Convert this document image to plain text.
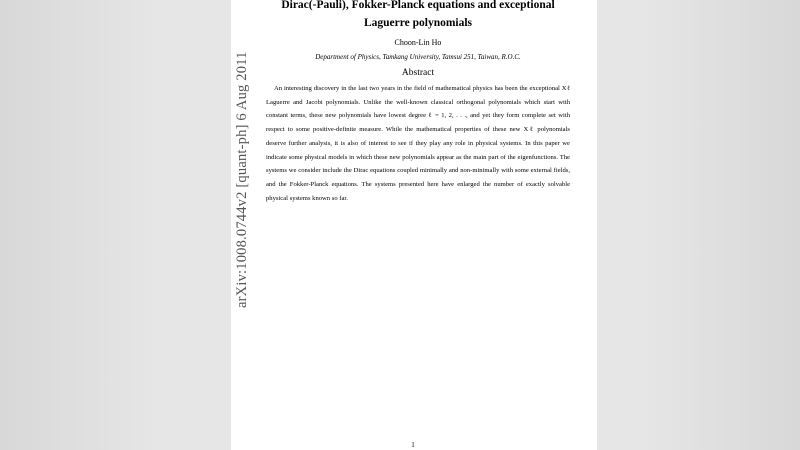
arXiv:1008.0744v2 [quant-ph] 6 Aug 2011
Dirac(-Pauli), Fokker-Planck equations and exceptional Laguerre polynomials
Choon-Lin Ho
Department of Physics, Tamkang University, Tamsui 251, Taiwan, R.O.C.
Abstract

An interesting discovery in the last two years in the field of mathematical physics has been the exceptional Xℓ Laguerre and Jacobi polynomials. Unlike the well-known classical orthogonal polynomials which start with constant terms, these new polynomials have lowest degree ℓ = 1, 2, . . ., and yet they form complete set with respect to some positive-definite measure. While the mathematical properties of these new Xℓ polynomials deserve further analysis, it is also of interest to see if they play any role in physical systems. In this paper we indicate some physical models in which these new polynomials appear as the main part of the eigenfunctions. The systems we consider include the Dirac equations coupled minimally and non-minimally with some external fields, and the Fokker-Planck equations. The systems presented here have enlarged the number of exactly solvable physical systems known so far.

1
